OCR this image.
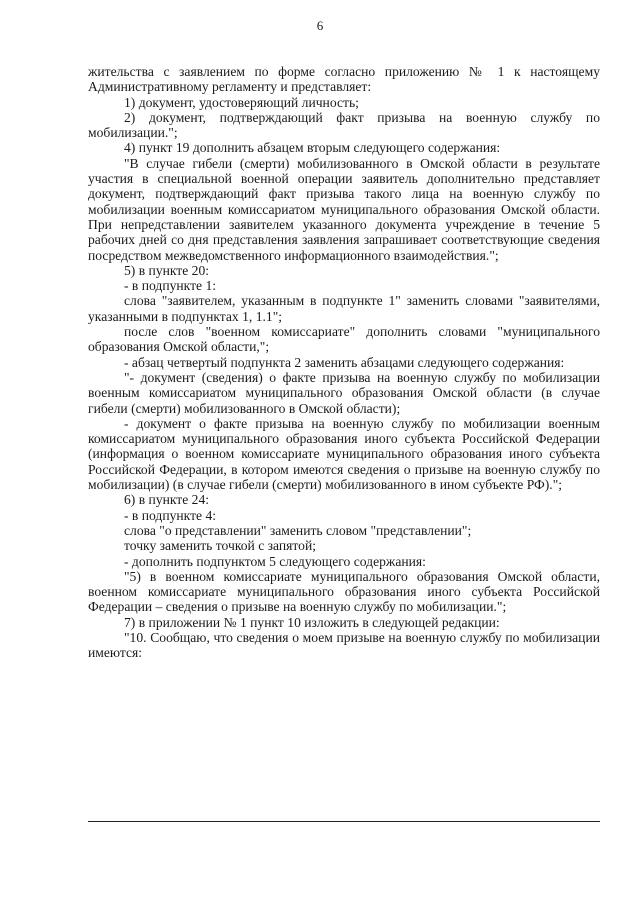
6

жительства с заявлением по форме согласно приложению № 1 к настоящему Административному регламенту и представляет:

1) документ, удостоверяющий личность;

2) документ, подтверждающий факт призыва на военную службу по мобилизации.";

4) пункт 19 дополнить абзацем вторым следующего содержания:

"В случае гибели (смерти) мобилизованного в Омской области в результате участия в специальной военной операции заявитель дополнительно представляет документ, подтверждающий факт призыва такого лица на военную службу по мобилизации военным комиссариатом муниципального образования Омской области. При непредставлении заявителем указанного документа учреждение в течение 5 рабочих дней со дня представления заявления запрашивает соответствующие сведения посредством межведомственного информационного взаимодействия.";

5) в пункте 20:

- в подпункте 1:

слова "заявителем, указанным в подпункте 1" заменить словами "заявителями, указанными в подпунктах 1, 1.1";

после слов "военном комиссариате" дополнить словами "муниципального образования Омской области,";

- абзац четвертый подпункта 2 заменить абзацами следующего содержания:

"- документ (сведения) о факте призыва на военную службу по мобилизации военным комиссариатом муниципального образования Омской области (в случае гибели (смерти) мобилизованного в Омской области);

- документ о факте призыва на военную службу по мобилизации военным комиссариатом муниципального образования иного субъекта Российской Федерации (информация о военном комиссариате муниципального образования иного субъекта Российской Федерации, в котором имеются сведения о призыве на военную службу по мобилизации) (в случае гибели (смерти) мобилизованного в ином субъекте РФ).";

6) в пункте 24:

- в подпункте 4:

слова "о представлении" заменить словом "представлении";

точку заменить точкой с запятой;

- дополнить подпунктом 5 следующего содержания:

"5) в военном комиссариате муниципального образования Омской области, военном комиссариате муниципального образования иного субъекта Российской Федерации – сведения о призыве на военную службу по мобилизации.";

7) в приложении № 1 пункт 10 изложить в следующей редакции:

"10. Сообщаю, что сведения о моем призыве на военную службу по мобилизации имеются:
